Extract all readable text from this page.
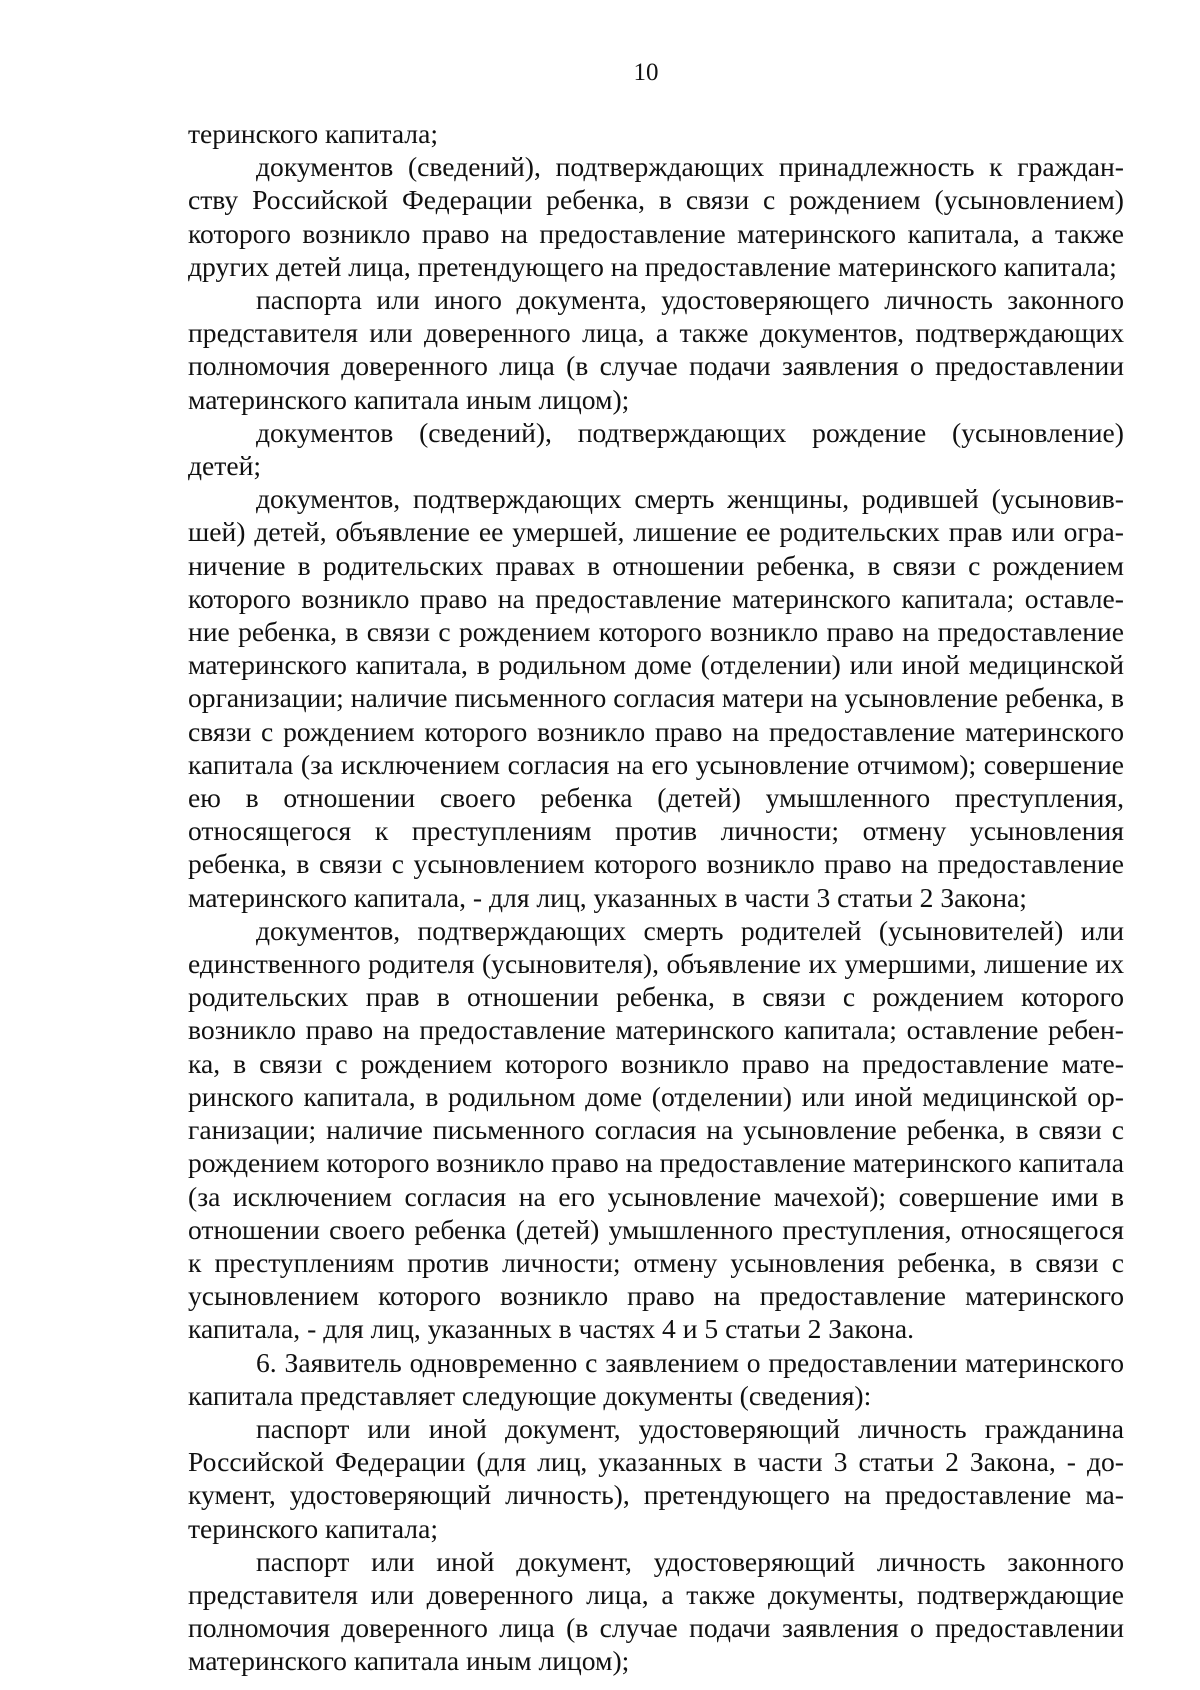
10

теринского капитала;

документов (сведений), подтверждающих принадлежность к гражданству Российской Федерации ребенка, в связи с рождением (усыновлением) которого возникло право на предоставление материнского капитала, а также других детей лица, претендующего на предоставление материнского капитала;

паспорта или иного документа, удостоверяющего личность законного представителя или доверенного лица, а также документов, подтверждающих полномочия доверенного лица (в случае подачи заявления о предоставлении материнского капитала иным лицом);

документов (сведений), подтверждающих рождение (усыновление) детей;

документов, подтверждающих смерть женщины, родившей (усыновившей) детей, объявление ее умершей, лишение ее родительских прав или ограничение в родительских правах в отношении ребенка, в связи с рождением которого возникло право на предоставление материнского капитала; оставление ребенка, в связи с рождением которого возникло право на предоставление материнского капитала, в родильном доме (отделении) или иной медицинской организации; наличие письменного согласия матери на усыновление ребенка, в связи с рождением которого возникло право на предоставление материнского капитала (за исключением согласия на его усыновление отчимом); совершение ею в отношении своего ребенка (детей) умышленного преступления, относящегося к преступлениям против личности; отмену усыновления ребенка, в связи с усыновлением которого возникло право на предоставление материнского капитала, - для лиц, указанных в части 3 статьи 2 Закона;

документов, подтверждающих смерть родителей (усыновителей) или единственного родителя (усыновителя), объявление их умершими, лишение их родительских прав в отношении ребенка, в связи с рождением которого возникло право на предоставление материнского капитала; оставление ребенка, в связи с рождением которого возникло право на предоставление материнского капитала, в родильном доме (отделении) или иной медицинской организации; наличие письменного согласия на усыновление ребенка, в связи с рождением которого возникло право на предоставление материнского капитала (за исключением согласия на его усыновление мачехой); совершение ими в отношении своего ребенка (детей) умышленного преступления, относящегося к преступлениям против личности; отмену усыновления ребенка, в связи с усыновлением которого возникло право на предоставление материнского капитала, - для лиц, указанных в частях 4 и 5 статьи 2 Закона.

6. Заявитель одновременно с заявлением о предоставлении материнского капитала представляет следующие документы (сведения):

паспорт или иной документ, удостоверяющий личность гражданина Российской Федерации (для лиц, указанных в части 3 статьи 2 Закона, - документ, удостоверяющий личность), претендующего на предоставление материнского капитала;

паспорт или иной документ, удостоверяющий личность законного представителя или доверенного лица, а также документы, подтверждающие полномочия доверенного лица (в случае подачи заявления о предоставлении материнского капитала иным лицом);
